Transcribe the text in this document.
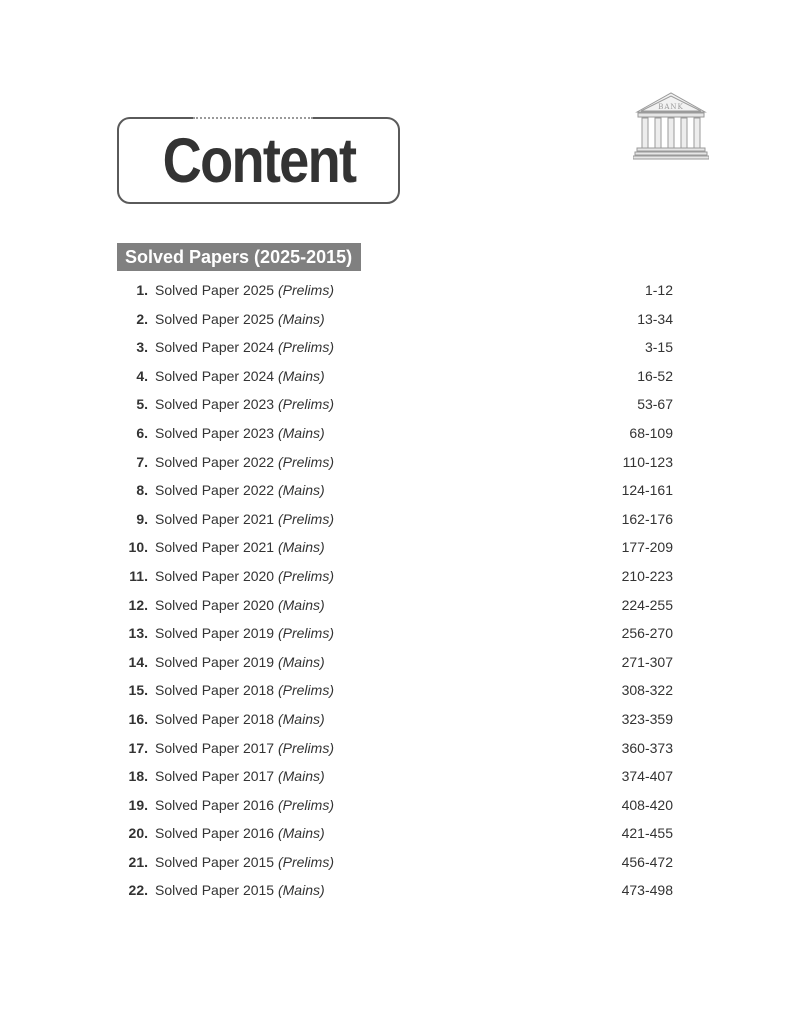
Content
BANK
Solved Papers (2025-2015)
1. Solved Paper 2025 (Prelims)	1-12
2. Solved Paper 2025 (Mains)	13-34
3. Solved Paper 2024 (Prelims)	3-15
4. Solved Paper 2024 (Mains)	16-52
5. Solved Paper 2023 (Prelims)	53-67
6. Solved Paper 2023 (Mains)	68-109
7. Solved Paper 2022 (Prelims)	110-123
8. Solved Paper 2022 (Mains)	124-161
9. Solved Paper 2021 (Prelims)	162-176
10. Solved Paper 2021 (Mains)	177-209
11. Solved Paper 2020 (Prelims)	210-223
12. Solved Paper 2020 (Mains)	224-255
13. Solved Paper 2019 (Prelims)	256-270
14. Solved Paper 2019 (Mains)	271-307
15. Solved Paper 2018 (Prelims)	308-322
16. Solved Paper 2018 (Mains)	323-359
17. Solved Paper 2017 (Prelims)	360-373
18. Solved Paper 2017 (Mains)	374-407
19. Solved Paper 2016 (Prelims)	408-420
20. Solved Paper 2016 (Mains)	421-455
21. Solved Paper 2015 (Prelims)	456-472
22. Solved Paper 2015 (Mains)	473-498
